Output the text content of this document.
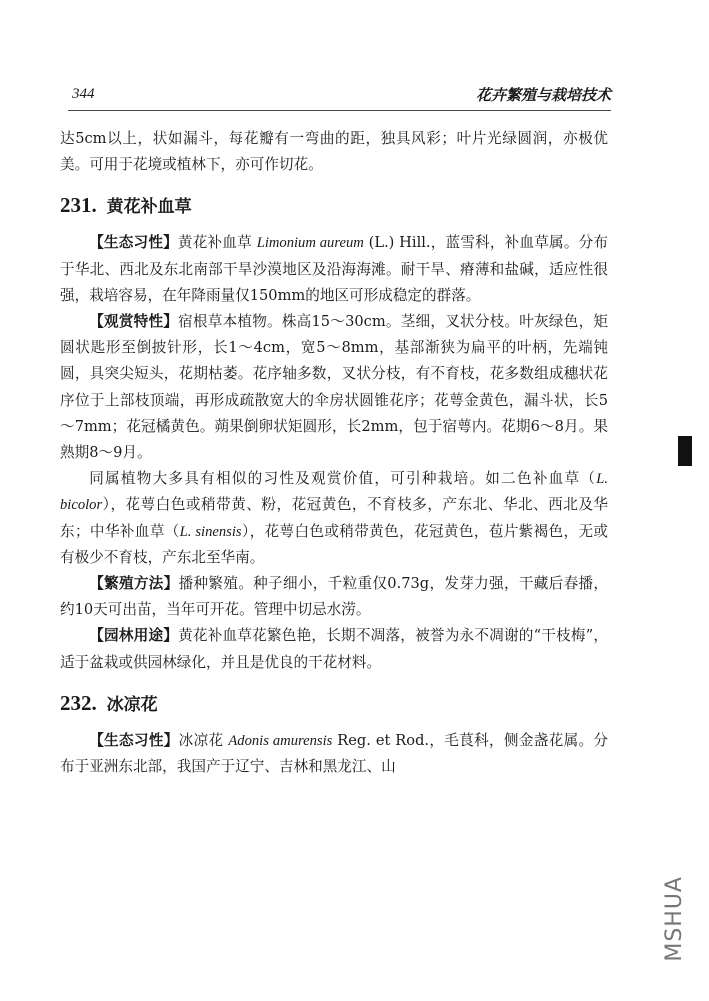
344	花卉繁殖与栽培技术

达5cm以上，状如漏斗，每花瓣有一弯曲的距，独具风彩；叶片光绿圆润，亦极优美。可用于花境或植林下，亦可作切花。

231. 黄花补血草

【生态习性】黄花补血草 Limonium aureum (L.) Hill.，蓝雪科，补血草属。分布于华北、西北及东北南部干旱沙漠地区及沿海海滩。耐干旱、瘠薄和盐碱，适应性很强，栽培容易，在年降雨量仅150mm的地区可形成稳定的群落。

【观赏特性】宿根草本植物。株高15～30cm。茎细，叉状分枝。叶灰绿色，矩圆状匙形至倒披针形，长1～4cm，宽5～8mm，基部渐狭为扁平的叶柄，先端钝圆，具突尖短头，花期枯萎。花序轴多数，叉状分枝，有不育枝，花多数组成穗状花序位于上部枝顶端，再形成疏散宽大的伞房状圆锥花序；花萼金黄色，漏斗状，长5～7mm；花冠橘黄色。蒴果倒卵状矩圆形，长2mm，包于宿萼内。花期6～8月。果熟期8～9月。

同属植物大多具有相似的习性及观赏价值，可引种栽培。如二色补血草（L. bicolor），花萼白色或稍带黄、粉，花冠黄色，不育枝多，产东北、华北、西北及华东；中华补血草（L. sinensis），花萼白色或稍带黄色，花冠黄色，苞片紫褐色，无或有极少不育枝，产东北至华南。

【繁殖方法】播种繁殖。种子细小，千粒重仅0.73g，发芽力强，干藏后春播，约10天可出苗，当年可开花。管理中切忌水涝。

【园林用途】黄花补血草花繁色艳，长期不凋落，被誉为永不凋谢的“干枝梅”，适于盆栽或供园林绿化，并且是优良的干花材料。

232. 冰凉花

【生态习性】冰凉花 Adonis amurensis Reg. et Rod.，毛茛科，侧金盏花属。分布于亚洲东北部，我国产于辽宁、吉林和黑龙江、山

MSHUA
